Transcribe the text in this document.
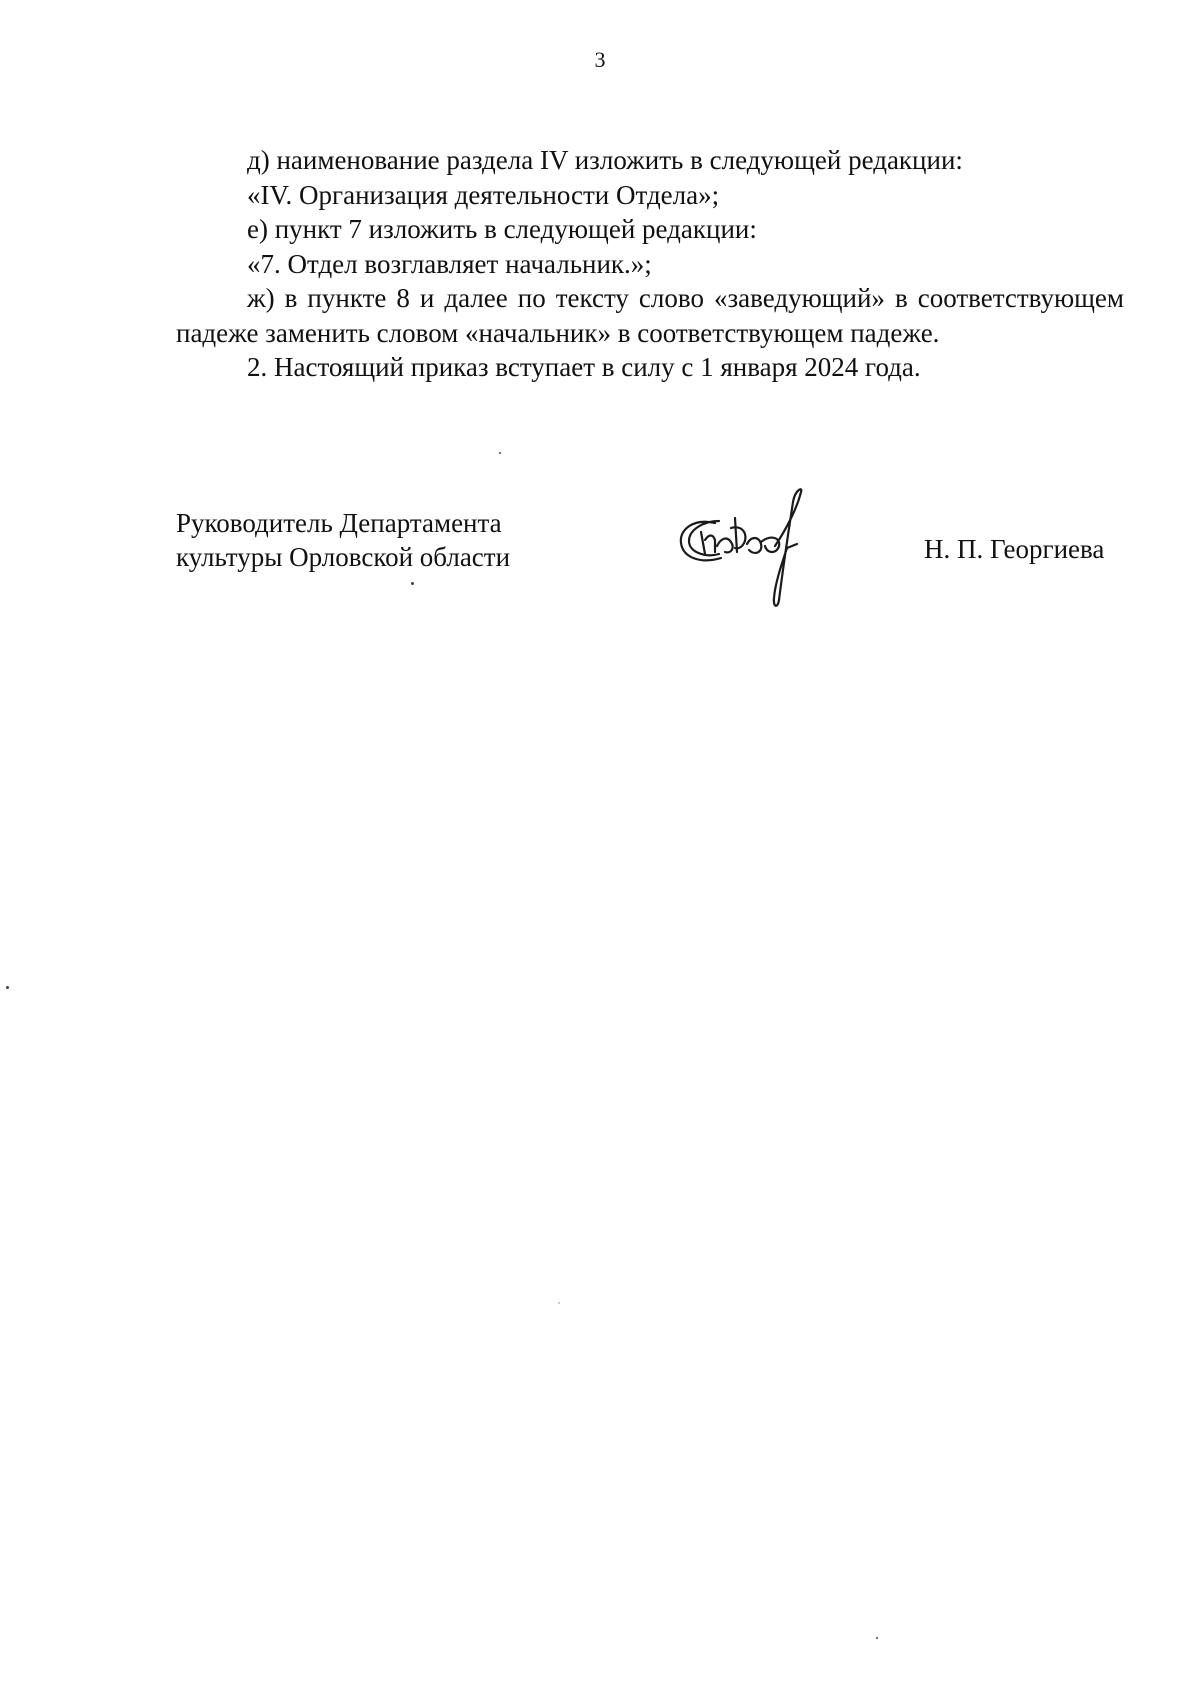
3

д) наименование раздела IV изложить в следующей редакции:

«IV. Организация деятельности Отдела»;

е) пункт 7 изложить в следующей редакции:

«7. Отдел возглавляет начальник.»;

ж) в пункте 8 и далее по тексту слово «заведующий» в соответствующем падеже заменить словом «начальник» в соответствующем падеже.

2. Настоящий приказ вступает в силу с 1 января 2024 года.

Руководитель Департамента
культуры Орловской области	Н. П. Георгиева
